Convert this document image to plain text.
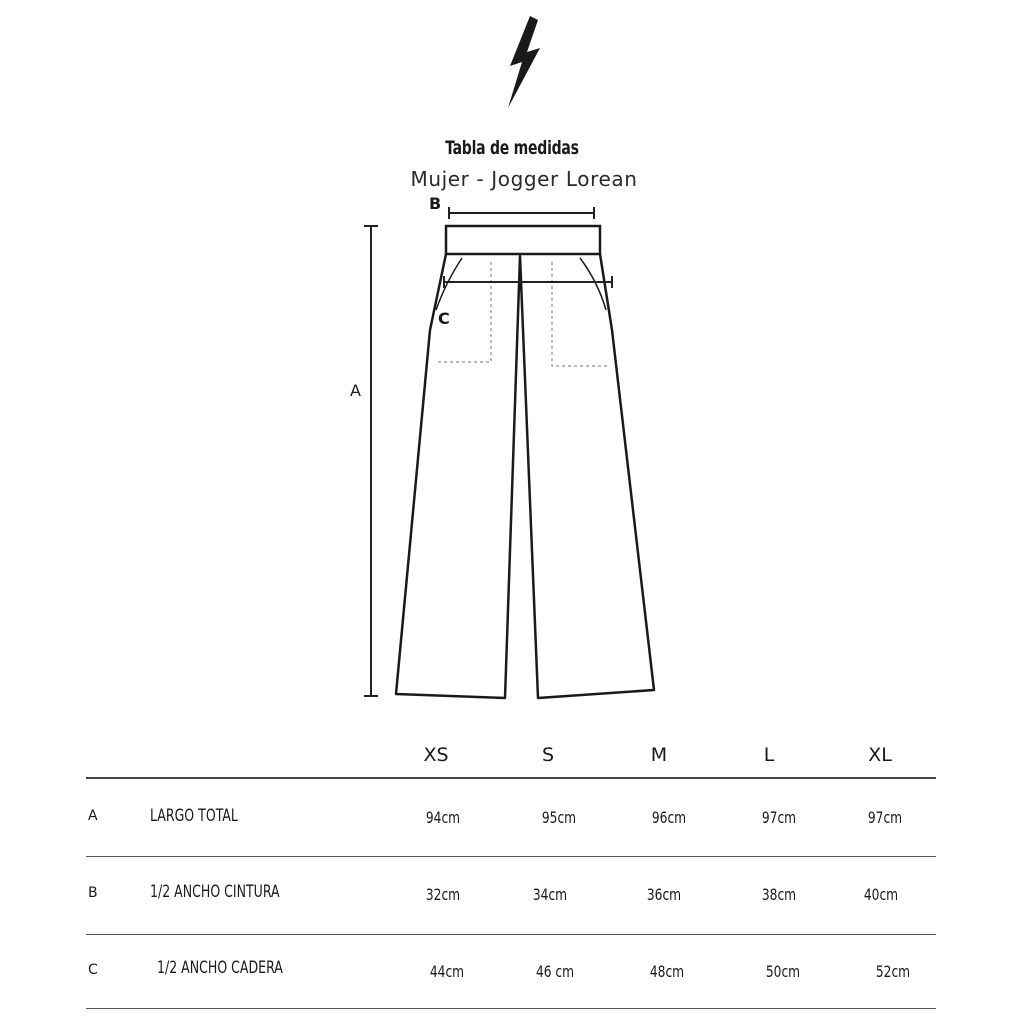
Tabla de medidas
Mujer - Jogger Lorean
A
B
C
XS	S	M	L	XL
A	LARGO TOTAL	94cm	95cm	96cm	97cm	97cm
B	1/2 ANCHO CINTURA	32cm	34cm	36cm	38cm	40cm
C	1/2 ANCHO CADERA	44cm	46 cm	48cm	50cm	52cm
